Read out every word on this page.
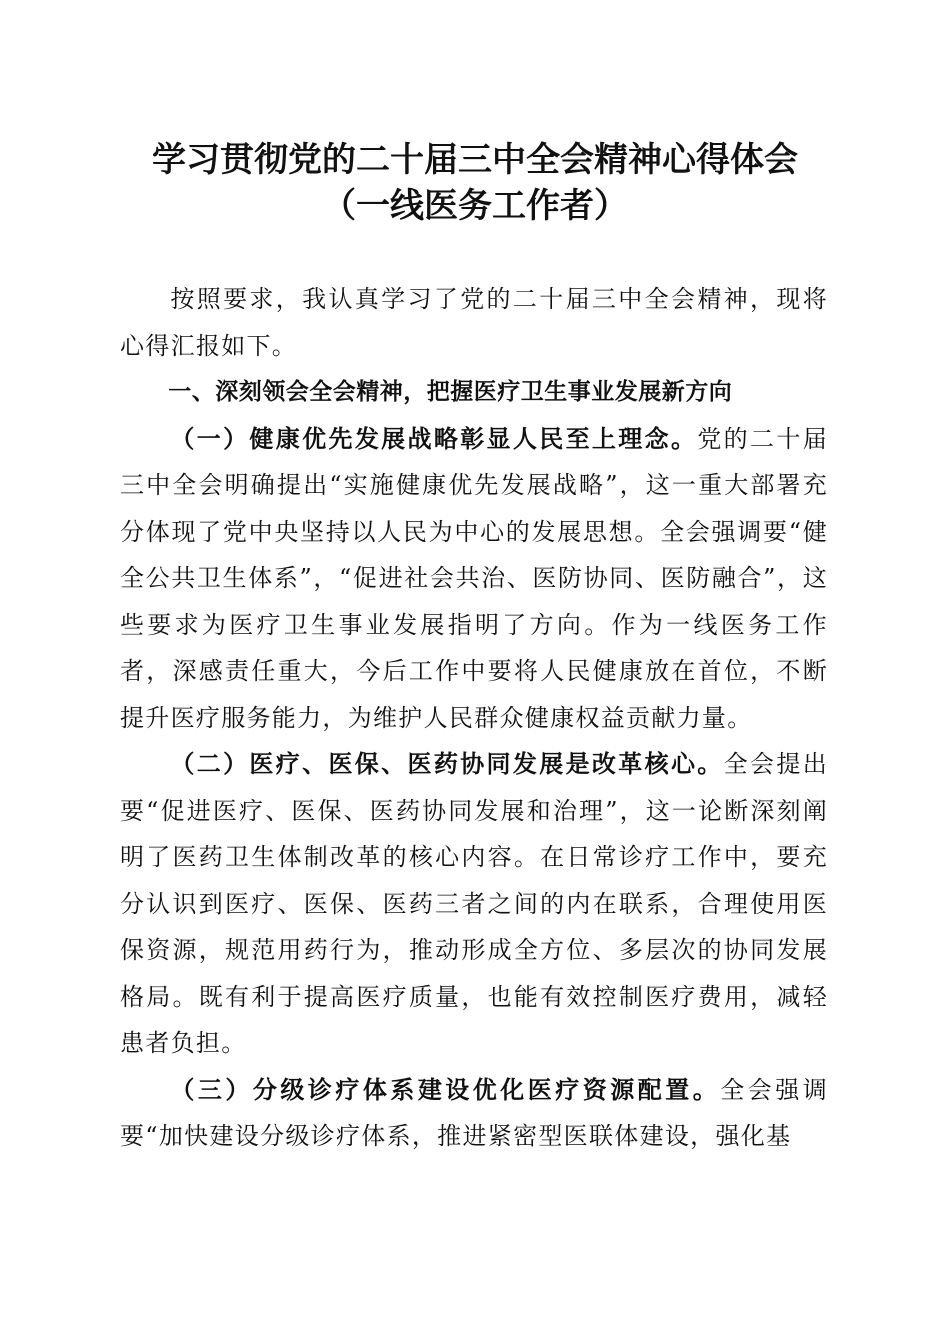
学习贯彻党的二十届三中全会精神心得体会
（一线医务工作者）

按照要求，我认真学习了党的二十届三中全会精神，现将心得汇报如下。

一、深刻领会全会精神，把握医疗卫生事业发展新方向

（一）健康优先发展战略彰显人民至上理念。党的二十届三中全会明确提出“实施健康优先发展战略”，这一重大部署充分体现了党中央坚持以人民为中心的发展思想。全会强调要“健全公共卫生体系”，“促进社会共治、医防协同、医防融合”，这些要求为医疗卫生事业发展指明了方向。作为一线医务工作者，深感责任重大，今后工作中要将人民健康放在首位，不断提升医疗服务能力，为维护人民群众健康权益贡献力量。

（二）医疗、医保、医药协同发展是改革核心。全会提出要“促进医疗、医保、医药协同发展和治理”，这一论断深刻阐明了医药卫生体制改革的核心内容。在日常诊疗工作中，要充分认识到医疗、医保、医药三者之间的内在联系，合理使用医保资源，规范用药行为，推动形成全方位、多层次的协同发展格局。既有利于提高医疗质量，也能有效控制医疗费用，减轻患者负担。

（三）分级诊疗体系建设优化医疗资源配置。全会强调要“加快建设分级诊疗体系，推进紧密型医联体建设，强化基
